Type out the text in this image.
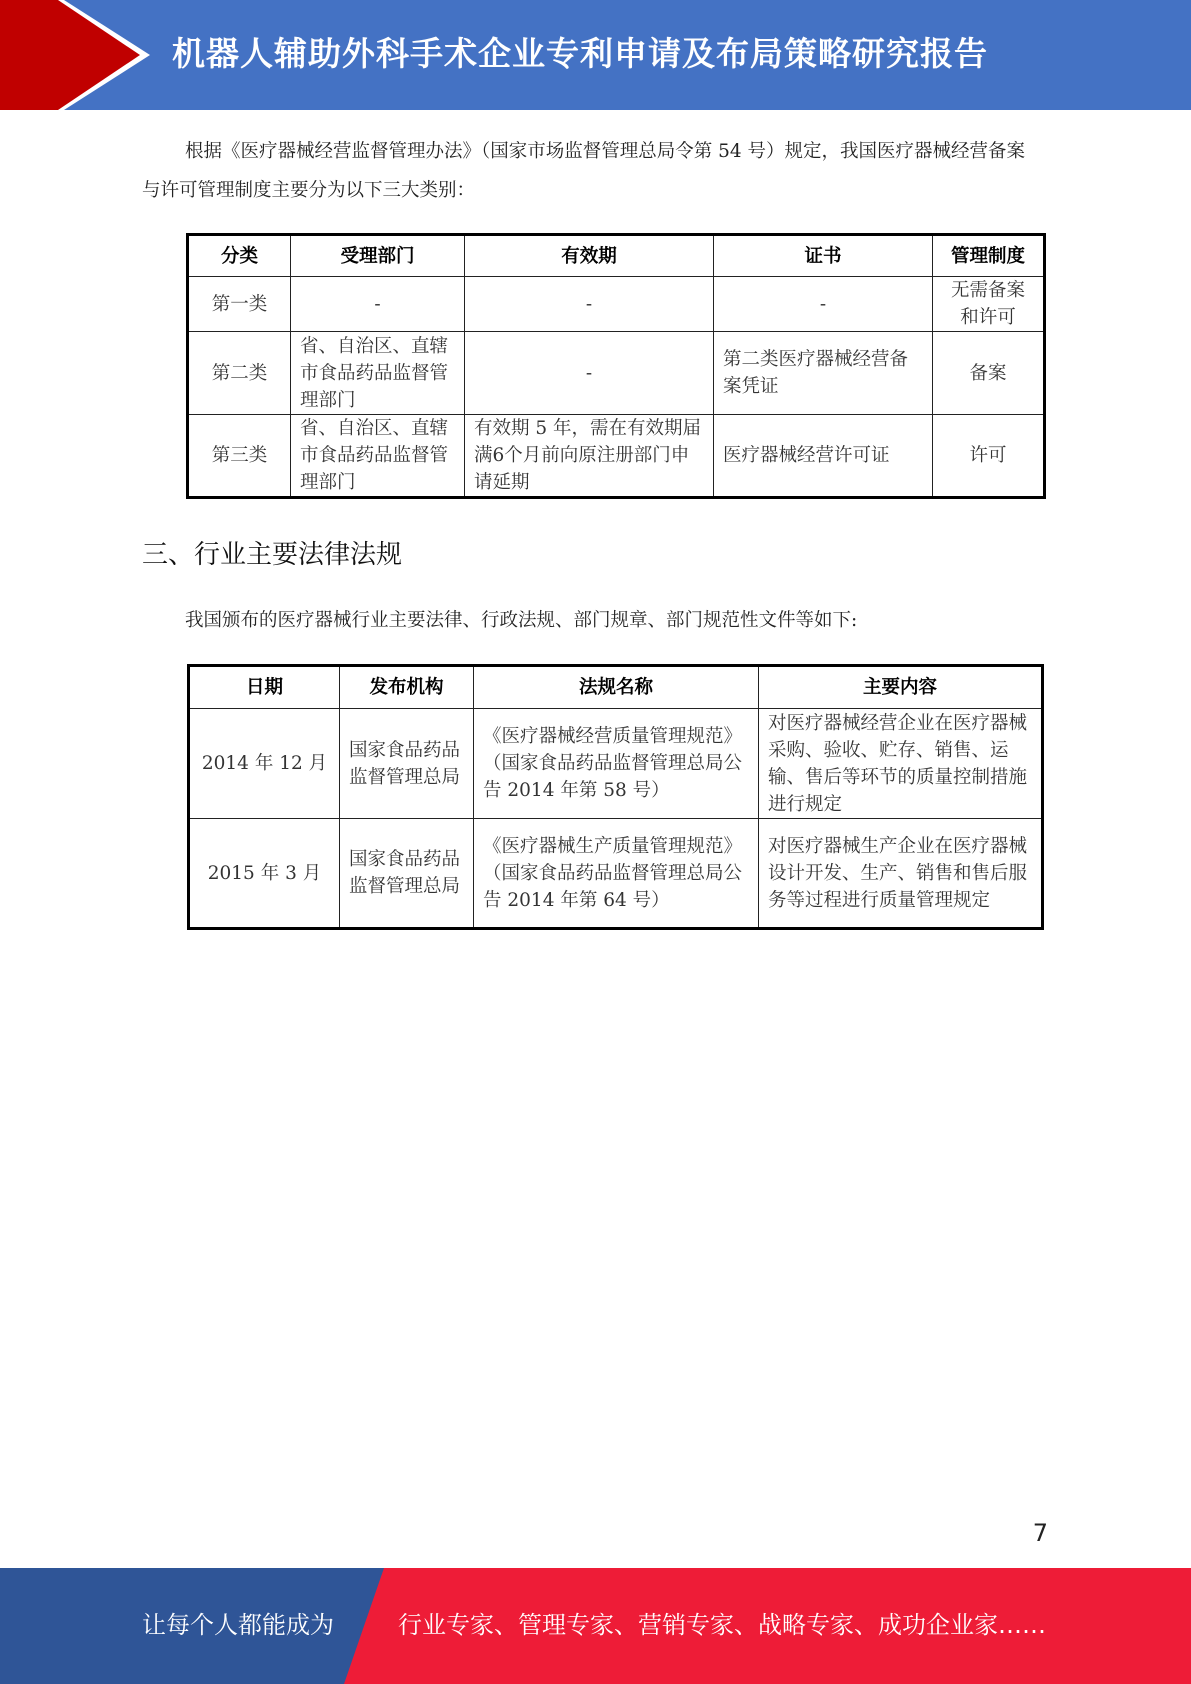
机器人辅助外科手术企业专利申请及布局策略研究报告

根据《医疗器械经营监督管理办法》（国家市场监督管理总局令第 54 号）规定，我国医疗器械经营备案与许可管理制度主要分为以下三大类别：

分类	受理部门	有效期	证书	管理制度
第一类	-	-	-	无需备案和许可
第二类	省、自治区、直辖市食品药品监督管理部门	-	第二类医疗器械经营备案凭证	备案
第三类	省、自治区、直辖市食品药品监督管理部门	有效期 5 年，需在有效期届满6个月前向原注册部门申请延期	医疗器械经营许可证	许可
三、行业主要法律法规

我国颁布的医疗器械行业主要法律、行政法规、部门规章、部门规范性文件等如下:

日期	发布机构	法规名称	主要内容
2014 年 12 月	国家食品药品监督管理总局	《医疗器械经营质量管理规范》（国家食品药品监督管理总局公告 2014 年第 58 号）	对医疗器械经营企业在医疗器械采购、验收、贮存、销售、运输、售后等环节的质量控制措施进行规定
2015 年 3 月	国家食品药品监督管理总局	《医疗器械生产质量管理规范》（国家食品药品监督管理总局公告 2014 年第 64 号）	对医疗器械生产企业在医疗器械设计开发、生产、销售和售后服务等过程进行质量管理规定
7
让每个人都能成为	行业专家、管理专家、营销专家、战略专家、成功企业家……
